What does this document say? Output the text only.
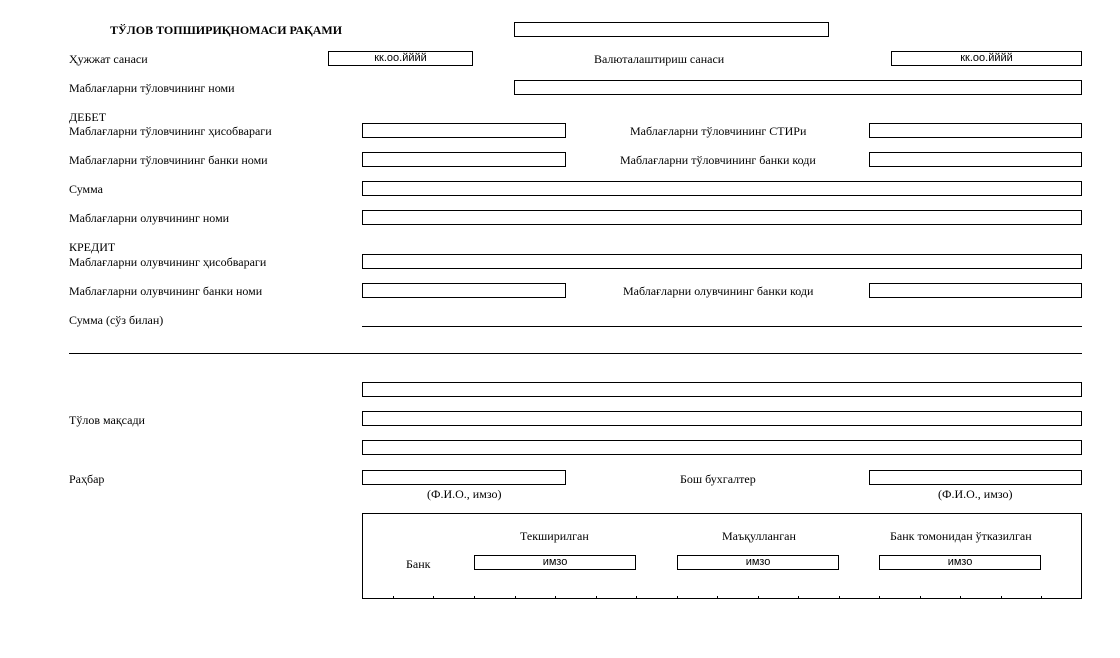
ТЎЛОВ ТОПШИРИҚНОМАСИ РАҚАМИ
Ҳужжат санаси	кк.оо.йййй	Валюталаштириш санаси	кк.оо.йййй
Маблағларни тўловчининг номи
ДЕБЕТ
Маблағларни тўловчининг ҳисобвараги	Маблағларни тўловчининг СТИРи
Маблағларни тўловчининг банки номи	Маблағларни тўловчининг банки коди
Сумма
Маблағларни олувчининг номи
КРЕДИТ
Маблағларни олувчининг ҳисобвараги
Маблағларни олувчининг банки номи	Маблағларни олувчининг банки коди
Сумма (сўз билан)
Тўлов мақсади
Раҳбар
(Ф.И.О., имзо)
Бош бухгалтер
(Ф.И.О., имзо)
Текширилган	Маъқулланган	Банк томонидан ўтказилган
Банк	имзо	имзо	имзо
